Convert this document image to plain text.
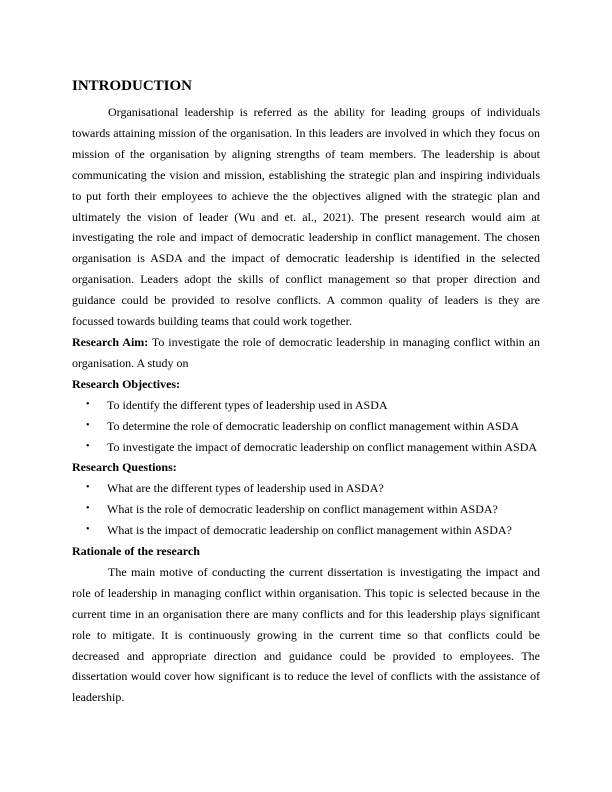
INTRODUCTION

Organisational leadership is referred as the ability for leading groups of individuals towards attaining mission of the organisation. In this leaders are involved in which they focus on mission of the organisation by aligning strengths of team members. The leadership is about communicating the vision and mission, establishing the strategic plan and inspiring individuals to put forth their employees to achieve the the objectives aligned with the strategic plan and ultimately the vision of leader (Wu and et. al., 2021). The present research would aim at investigating the role and impact of democratic leadership in conflict management. The chosen organisation is ASDA and the impact of democratic leadership is identified in the selected organisation. Leaders adopt the skills of conflict management so that proper direction and guidance could be provided to resolve conflicts. A common quality of leaders is they are focussed towards building teams that could work together.

Research Aim: To investigate the role of democratic leadership in managing conflict within an organisation. A study on

Research Objectives:
• To identify the different types of leadership used in ASDA
• To determine the role of democratic leadership on conflict management within ASDA
• To investigate the impact of democratic leadership on conflict management within ASDA
Research Questions:
• What are the different types of leadership used in ASDA?
• What is the role of democratic leadership on conflict management within ASDA?
• What is the impact of democratic leadership on conflict management within ASDA?
Rationale of the research

The main motive of conducting the current dissertation is investigating the impact and role of leadership in managing conflict within organisation. This topic is selected because in the current time in an organisation there are many conflicts and for this leadership plays significant role to mitigate. It is continuously growing in the current time so that conflicts could be decreased and appropriate direction and guidance could be provided to employees. The dissertation would cover how significant is to reduce the level of conflicts with the assistance of leadership.
